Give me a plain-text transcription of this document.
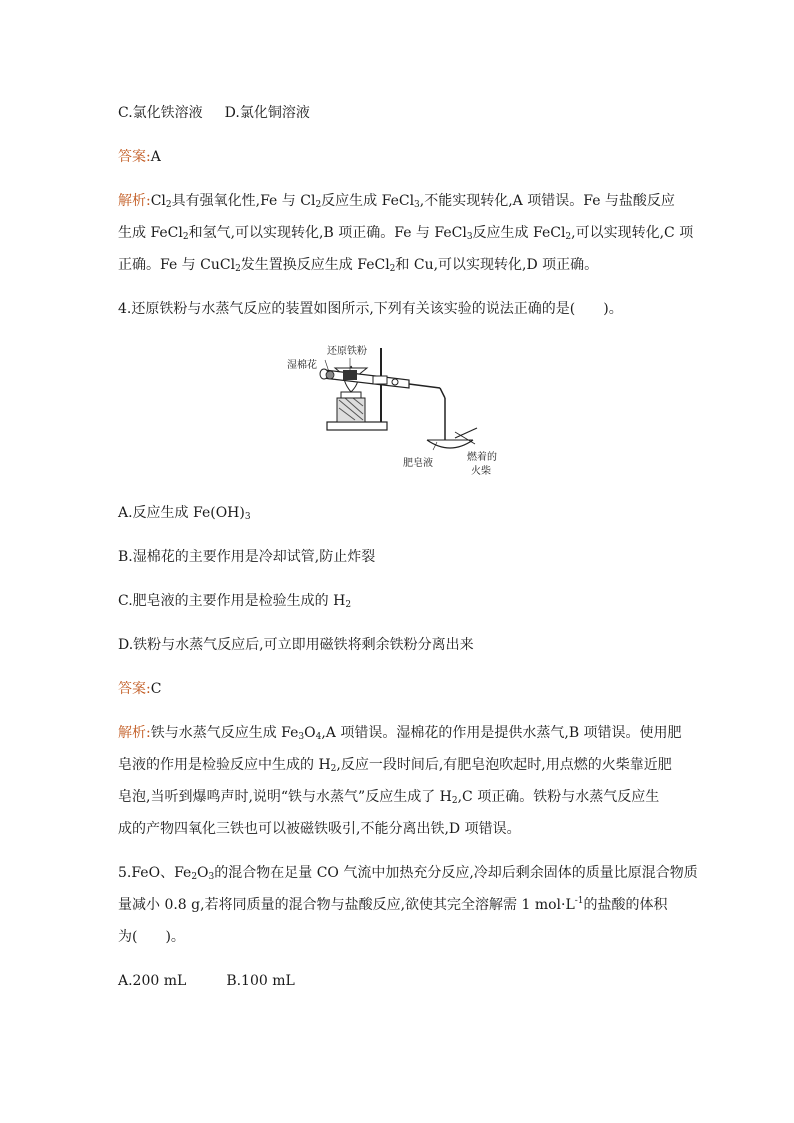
C.氯化铁溶液 D.氯化铜溶液
答案:A
解析$:Cl_2$具有强氧化性,Fe 与 $Cl_2$反应生成 FeCl$_3$,不能实现转化,A 项错误。Fe 与盐酸反应
生成 FeCl$_2$和氢气,可以实现转化,B 项正确。Fe 与 FeCl$_3$反应生成 FeCl$_2$,可以实现转化,C 项
正确。Fe 与 CuCl$_2$发生置换反应生成 FeCl$_2$和 Cu,可以实现转化,D 项正确。
4.还原铁粉与水蒸气反应的装置如图所示,下列有关该实验的说法正确的是(　　)。
还原铁粉
湿棉花
肥皂液
燃着的
火柴
A.反应生成 $Fe(OH)_3$
B.湿棉花的主要作用是冷却试管,防止炸裂
C.肥皂液的主要作用是检验生成的 $H_2$
D.铁粉与水蒸气反应后,可立即用磁铁将剩余铁粉分离出来
答案:C
解析:铁与水蒸气反应生成 $Fe_3O_4,A$ 项错误。湿棉花的作用是提供水蒸气,B 项错误。使用肥
皂液的作用是检验反应中生成的 $H_2$,反应一段时间后,有肥皂泡吹起时,用点燃的火柴靠近肥
皂泡,当听到爆鸣声时,说明“铁与水蒸气”反应生成了 $H_2,C$ 项正确。铁粉与水蒸气反应生
成的产物四氧化三铁也可以被磁铁吸引,不能分离出铁,D 项错误。
5.FeO、$Fe_2O_3$的混合物在足量 CO 气流中加热充分反应,冷却后剩余固体的质量比原混合物质
量减小 0.8 g,若将同质量的混合物与盐酸反应,欲使其完全溶解需 1 $mol\cdot L^{-1}$的盐酸的体积
为(　　)。
A.200 mL	B.100 mL
